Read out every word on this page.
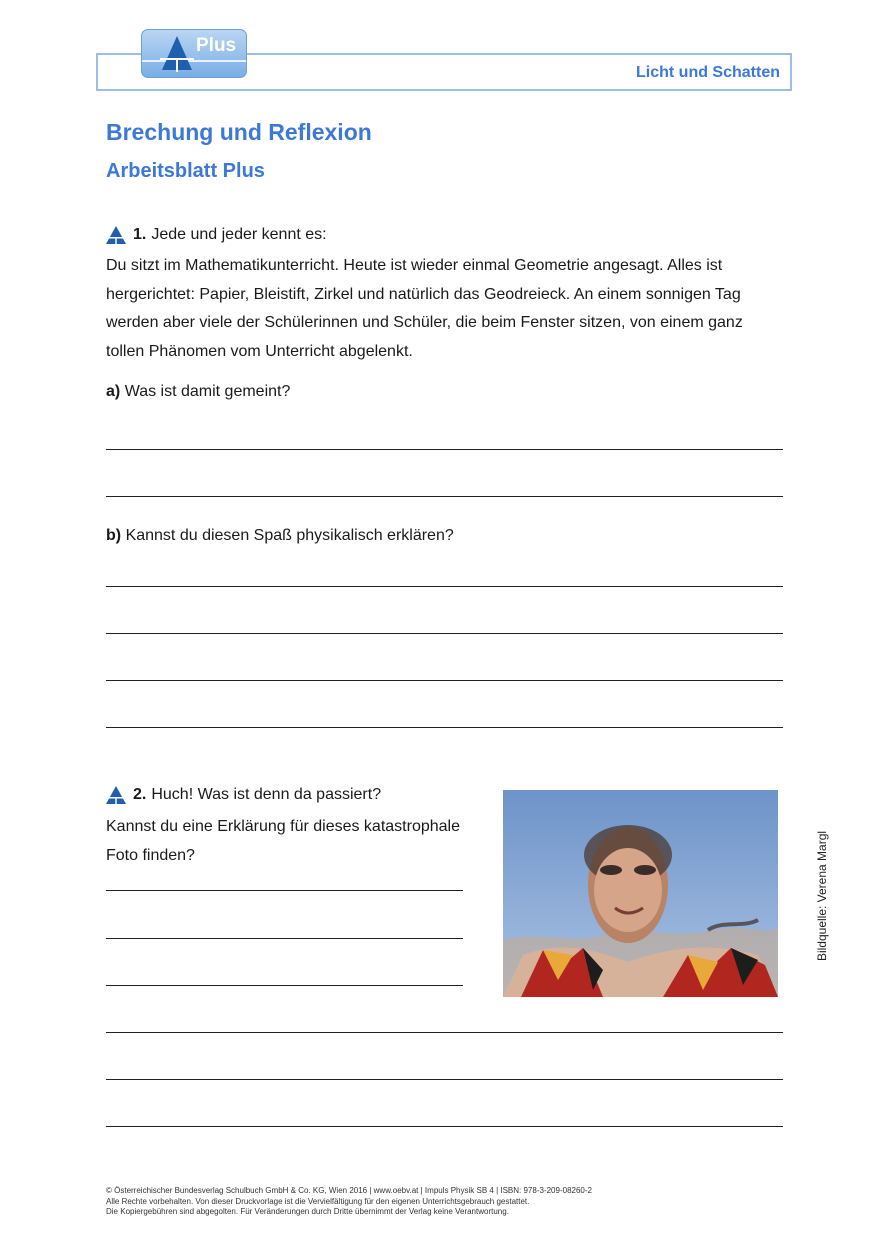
Licht und Schatten
Plus
Brechung und Reflexion
Arbeitsblatt Plus
1. Jede und jeder kennt es:
Du sitzt im Mathematikunterricht. Heute ist wieder einmal Geometrie angesagt. Alles ist
hergerichtet: Papier, Bleistift, Zirkel und natürlich das Geodreieck. An einem sonnigen Tag
werden aber viele der Schülerinnen und Schüler, die beim Fenster sitzen, von einem ganz
tollen Phänomen vom Unterricht abgelenkt.
a) Was ist damit gemeint?
b) Kannst du diesen Spaß physikalisch erklären?
2. Huch! Was ist denn da passiert?
Kannst du eine Erklärung für dieses katastrophale
Foto finden?	Bildquelle: Verena Margl
© Österreichischer Bundesverlag Schulbuch GmbH & Co. KG, Wien 2016 | www.oebv.at | Impuls Physik SB 4 | ISBN: 978-3-209-08260-2
Alle Rechte vorbehalten. Von dieser Druckvorlage ist die Vervielfältigung für den eigenen Unterrichtsgebrauch gestattet.
Die Kopiergebühren sind abgegolten. Für Veränderungen durch Dritte übernimmt der Verlag keine Verantwortung.
